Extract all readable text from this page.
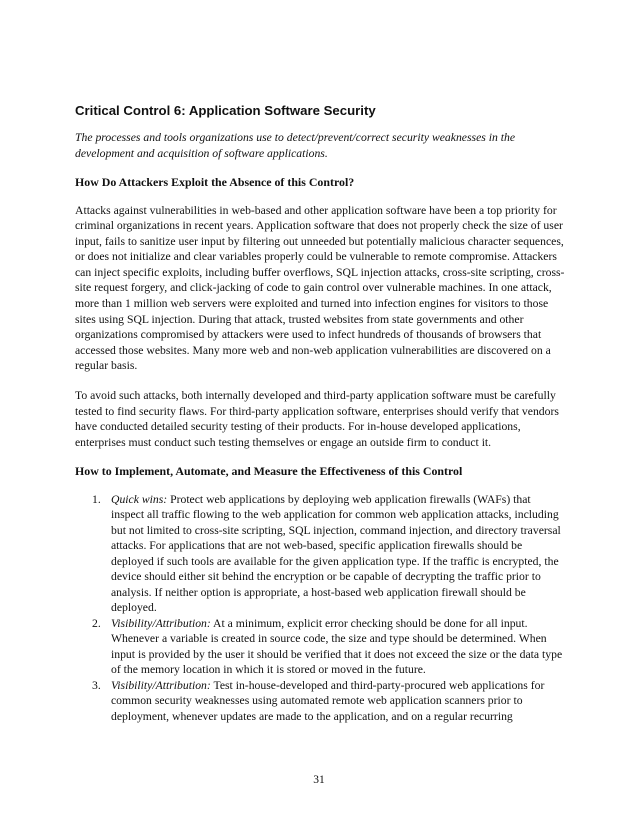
Critical Control 6: Application Software Security
The processes and tools organizations use to detect/prevent/correct security weaknesses in the development and acquisition of software applications.
How Do Attackers Exploit the Absence of this Control?
Attacks against vulnerabilities in web-based and other application software have been a top priority for criminal organizations in recent years. Application software that does not properly check the size of user input, fails to sanitize user input by filtering out unneeded but potentially malicious character sequences, or does not initialize and clear variables properly could be vulnerable to remote compromise. Attackers can inject specific exploits, including buffer overflows, SQL injection attacks, cross-site scripting, cross-site request forgery, and click-jacking of code to gain control over vulnerable machines. In one attack, more than 1 million web servers were exploited and turned into infection engines for visitors to those sites using SQL injection. During that attack, trusted websites from state governments and other organizations compromised by attackers were used to infect hundreds of thousands of browsers that accessed those websites. Many more web and non-web application vulnerabilities are discovered on a regular basis.
To avoid such attacks, both internally developed and third-party application software must be carefully tested to find security flaws. For third-party application software, enterprises should verify that vendors have conducted detailed security testing of their products. For in-house developed applications, enterprises must conduct such testing themselves or engage an outside firm to conduct it.
How to Implement, Automate, and Measure the Effectiveness of this Control
1. Quick wins: Protect web applications by deploying web application firewalls (WAFs) that inspect all traffic flowing to the web application for common web application attacks, including but not limited to cross-site scripting, SQL injection, command injection, and directory traversal attacks. For applications that are not web-based, specific application firewalls should be deployed if such tools are available for the given application type. If the traffic is encrypted, the device should either sit behind the encryption or be capable of decrypting the traffic prior to analysis. If neither option is appropriate, a host-based web application firewall should be deployed.
2. Visibility/Attribution: At a minimum, explicit error checking should be done for all input. Whenever a variable is created in source code, the size and type should be determined. When input is provided by the user it should be verified that it does not exceed the size or the data type of the memory location in which it is stored or moved in the future.
3. Visibility/Attribution: Test in-house-developed and third-party-procured web applications for common security weaknesses using automated remote web application scanners prior to deployment, whenever updates are made to the application, and on a regular recurring
31
